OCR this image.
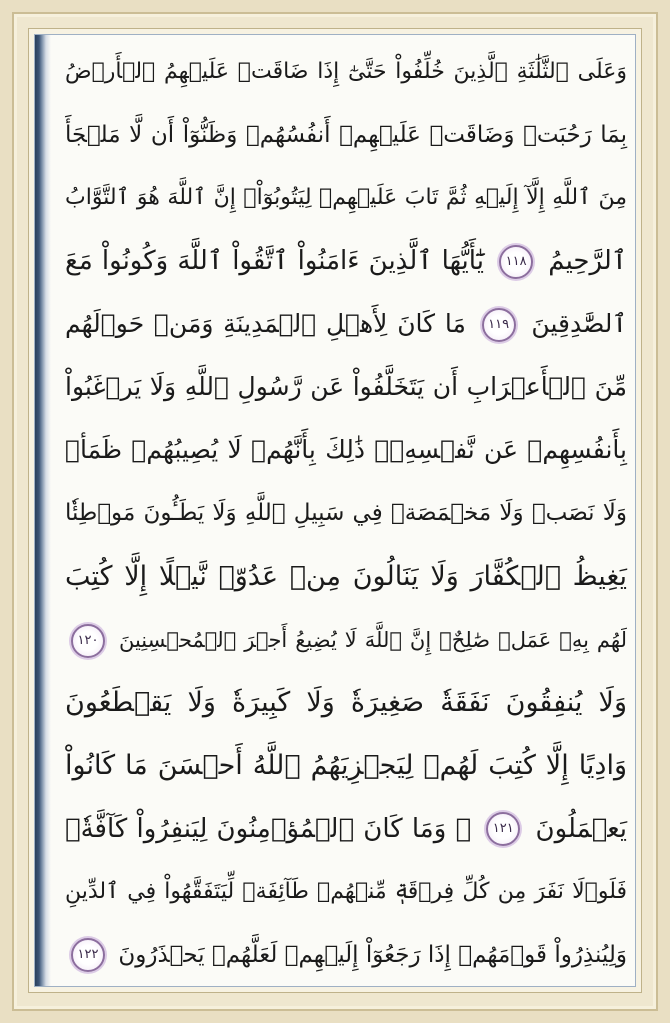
وَعَلَى ٱلثَّلَٰثَةِ ٱلَّذِينَ خُلِّفُواْ حَتَّىٰٓ إِذَا ضَاقَتۡ عَلَيۡهِمُ ٱلۡأَرۡضُ
بِمَا رَحُبَتۡ وَضَاقَتۡ عَلَيۡهِمۡ أَنفُسُهُمۡ وَظَنُّوٓاْ أَن لَّا مَلۡجَأَ
مِنَ ٱللَّهِ إِلَّآ إِلَيۡهِ ثُمَّ تَابَ عَلَيۡهِمۡ لِيَتُوبُوٓاْۚ إِنَّ ٱللَّهَ هُوَ ٱلتَّوَّابُ
ٱلرَّحِيمُ ١١٨ يَٰٓأَيُّهَا ٱلَّذِينَ ءَامَنُواْ ٱتَّقُواْ ٱللَّهَ وَكُونُواْ مَعَ
ٱلصَّٰدِقِينَ ١١٩ مَا كَانَ لِأَهۡلِ ٱلۡمَدِينَةِ وَمَنۡ حَوۡلَهُم
مِّنَ ٱلۡأَعۡرَابِ أَن يَتَخَلَّفُواْ عَن رَّسُولِ ٱللَّهِ وَلَا يَرۡغَبُواْ
بِأَنفُسِهِمۡ عَن نَّفۡسِهِۦۚ ذَٰلِكَ بِأَنَّهُمۡ لَا يُصِيبُهُمۡ ظَمَأٞ
وَلَا نَصَبٞ وَلَا مَخۡمَصَةٞ فِي سَبِيلِ ٱللَّهِ وَلَا يَطَـُٔونَ مَوۡطِئٗا
يَغِيظُ ٱلۡكُفَّارَ وَلَا يَنَالُونَ مِنۡ عَدُوّٖ نَّيۡلًا إِلَّا كُتِبَ
لَهُم بِهِۦ عَمَلٞ صَٰلِحٌۚ إِنَّ ٱللَّهَ لَا يُضِيعُ أَجۡرَ ٱلۡمُحۡسِنِينَ ١٢٠
وَلَا يُنفِقُونَ نَفَقَةٗ صَغِيرَةٗ وَلَا كَبِيرَةٗ وَلَا يَقۡطَعُونَ
وَادِيًا إِلَّا كُتِبَ لَهُمۡ لِيَجۡزِيَهُمُ ٱللَّهُ أَحۡسَنَ مَا كَانُواْ
يَعۡمَلُونَ ١٢١ ۞ وَمَا كَانَ ٱلۡمُؤۡمِنُونَ لِيَنفِرُواْ كَآفَّةٗۚ
فَلَوۡلَا نَفَرَ مِن كُلِّ فِرۡقَةٖ مِّنۡهُمۡ طَآئِفَةٞ لِّيَتَفَقَّهُواْ فِي ٱلدِّينِ
وَلِيُنذِرُواْ قَوۡمَهُمۡ إِذَا رَجَعُوٓاْ إِلَيۡهِمۡ لَعَلَّهُمۡ يَحۡذَرُونَ ١٢٢
